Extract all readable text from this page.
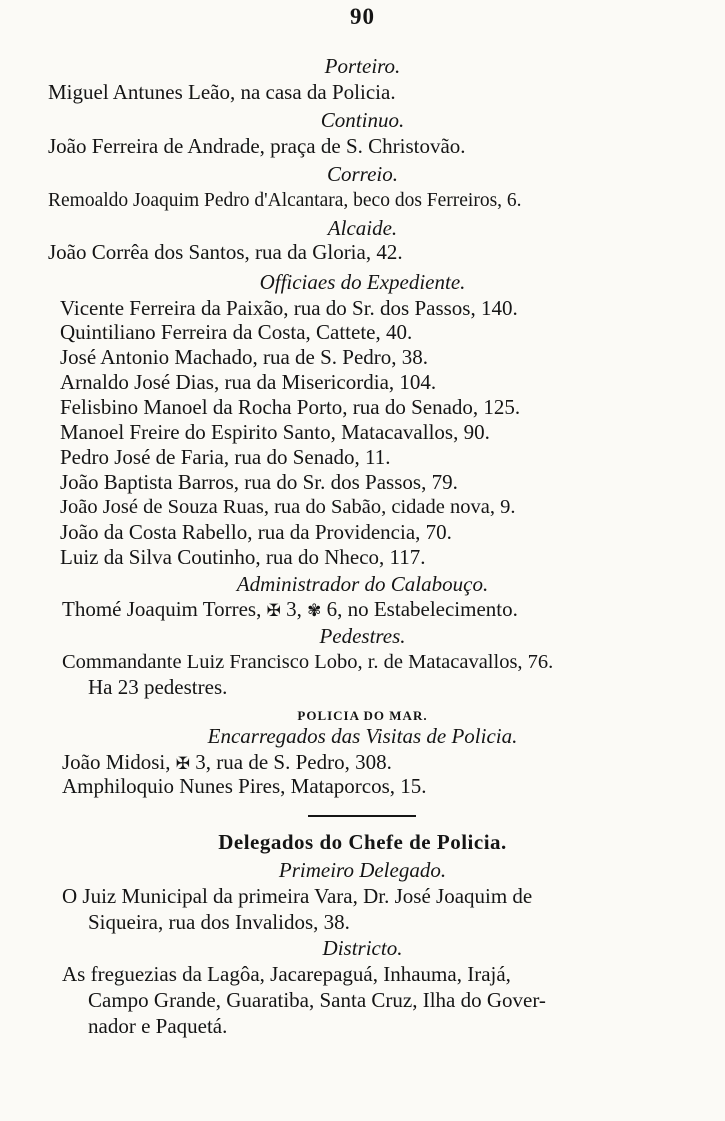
90
Porteiro.
Miguel Antunes Leão, na casa da Policia.
Continuo.
João Ferreira de Andrade, praça de S. Christovão.
Correio.
Remoaldo Joaquim Pedro d'Alcantara, beco dos Ferreiros, 6.
Alcaide.
João Corrêa dos Santos, rua da Gloria, 42.
Officiaes do Expediente.
Vicente Ferreira da Paixão, rua do Sr. dos Passos, 140.
Quintiliano Ferreira da Costa, Cattete, 40.
José Antonio Machado, rua de S. Pedro, 38.
Arnaldo José Dias, rua da Misericordia, 104.
Felisbino Manoel da Rocha Porto, rua do Senado, 125.
Manoel Freire do Espirito Santo, Matacavallos, 90.
Pedro José de Faria, rua do Senado, 11.
João Baptista Barros, rua do Sr. dos Passos, 79.
João José de Souza Ruas, rua do Sabão, cidade nova, 9.
João da Costa Rabello, rua da Providencia, 70.
Luiz da Silva Coutinho, rua do Nheco, 117.
Administrador do Calabouço.
Thomé Joaquim Torres, ✠ 3, ✾ 6, no Estabelecimento.
Pedestres.
Commandante Luiz Francisco Lobo, r. de Matacavallos, 76.
Ha 23 pedestres.
POLICIA DO MAR.
Encarregados das Visitas de Policia.
João Midosi, ✠ 3, rua de S. Pedro, 308.
Amphiloquio Nunes Pires, Mataporcos, 15.
Delegados do Chefe de Policia.
Primeiro Delegado.
O Juiz Municipal da primeira Vara, Dr. José Joaquim de
Siqueira, rua dos Invalidos, 38.
Districto.
As freguezias da Lagôa, Jacarepaguá, Inhauma, Irajá,
Campo Grande, Guaratiba, Santa Cruz, Ilha do Gover-
nador e Paquetá.
